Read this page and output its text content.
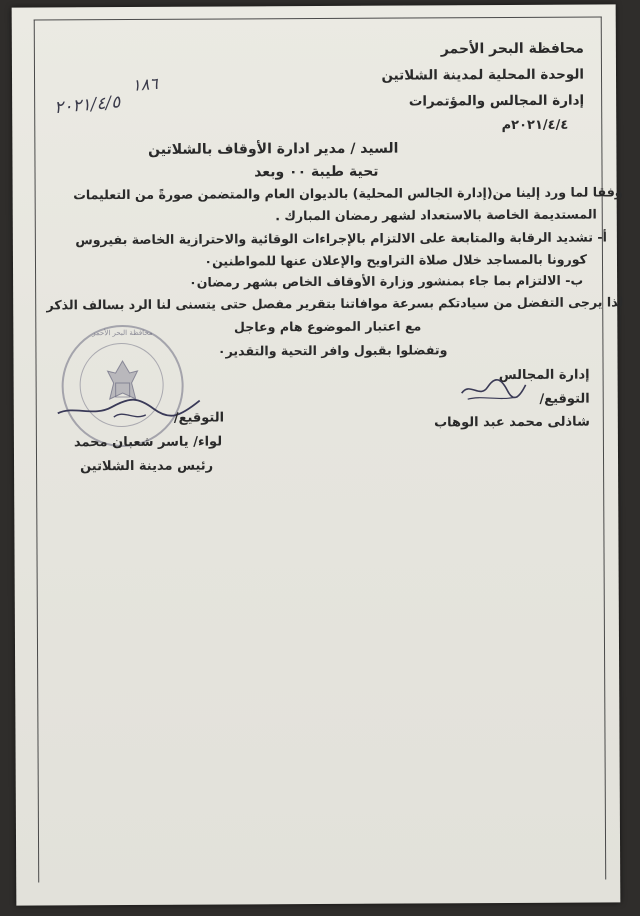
محافظة البحر الأحمر
الوحدة المحلية لمدينة الشلاتين
إدارة المجالس والمؤتمرات
٢٠٢١/٤/٤م
١٨٦
٢٠٢١/٤/٥
السيد / مدير ادارة الأوقاف بالشلاتين
تحية طيبة ٠٠ وبعد
وفقا لما ورد إلينا من(إدارة الجالس المحلية) بالديوان العام والمتضمن صورةً من التعليمات
المستديمة الخاصة بالاستعداد لشهر رمضان المبارك .
أ- تشديد الرقابة والمتابعة على الالتزام بالإجراءات الوقائية والاحترازية الخاصة بفيروس
كورونا بالمساجد خلال صلاة التراويح والإعلان عنها للمواطنين٠
ب- الالتزام بما جاء بمنشور وزارة الأوقاف الخاص بشهر رمضان٠
لذا يرجى التفضل من سيادتكم بسرعة موافاتنا بتقرير مفصل حتى يتسنى لنا الرد بسالف الذكر
مع اعتبار الموضوع هام وعاجل
وتفضلوا بقبول وافر التحية والتقدير٠
إدارة المجالس
التوقيع/
شاذلى محمد عبد الوهاب
محافظة البحر الأحمر
التوقيع/
لواء/ ياسر شعبان محمد
رئيس مدينة الشلاتين
